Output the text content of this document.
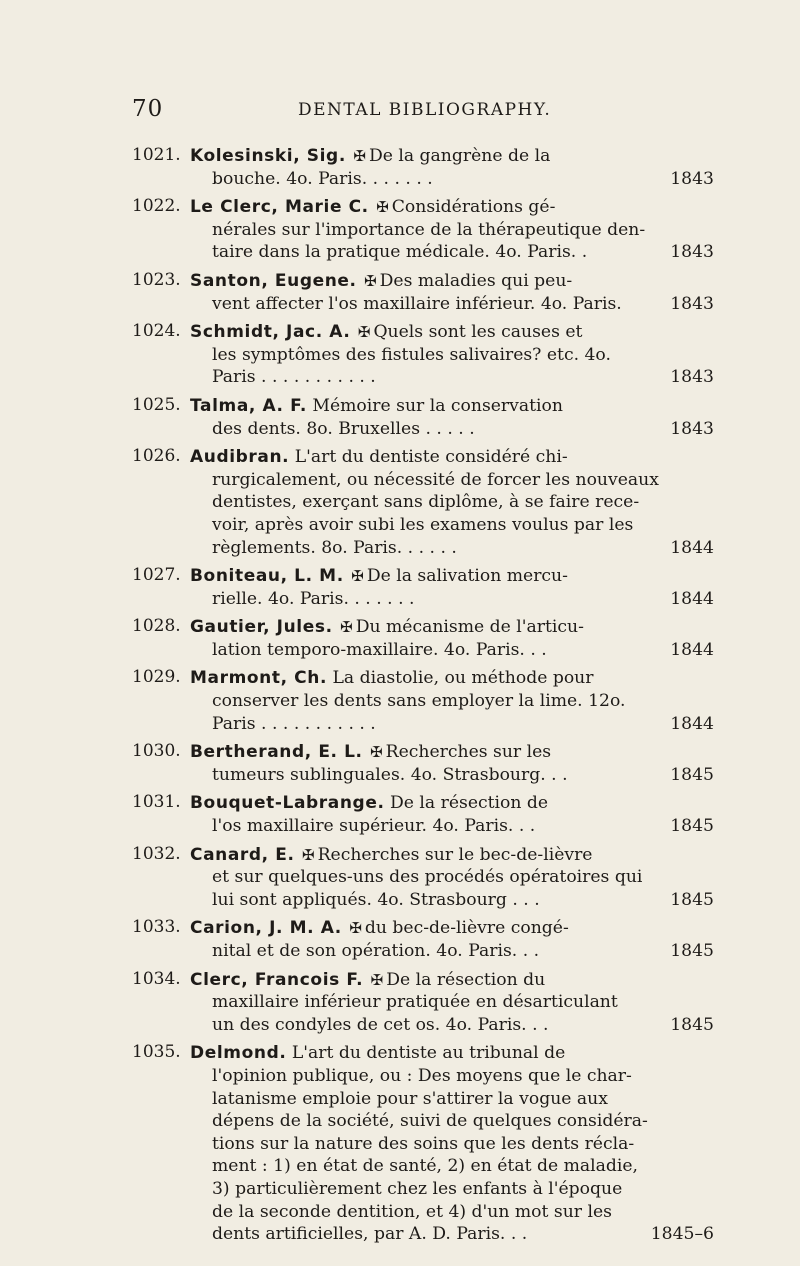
70	DENTAL BIBLIOGRAPHY.
1021. Kolesinski, Sig. ✠ De la gangrène de la
bouche. 4o. Paris. . . . . . .	1843
1022. Le Clerc, Marie C. ✠ Considérations gé-
nérales sur l'importance de la thérapeutique den-
taire dans la pratique médicale. 4o. Paris. .	1843
1023. Santon, Eugene. ✠ Des maladies qui peu-
vent affecter l'os maxillaire inférieur. 4o. Paris.	1843
1024. Schmidt, Jac. A. ✠ Quels sont les causes et
les symptômes des fistules salivaires? etc. 4o.
Paris . . . . . . . . . . .	1843
1025. Talma, A. F. Mémoire sur la conservation
des dents. 8o. Bruxelles . . . . .	1843
1026. Audibran. L'art du dentiste considéré chi-
rurgicalement, ou nécessité de forcer les nouveaux
dentistes, exerçant sans diplôme, à se faire rece-
voir, après avoir subi les examens voulus par les
règlements. 8o. Paris. . . . . .	1844
1027. Boniteau, L. M. ✠ De la salivation mercu-
rielle. 4o. Paris. . . . . . .	1844
1028. Gautier, Jules. ✠ Du mécanisme de l'articu-
lation temporo-maxillaire. 4o. Paris. . .	1844
1029. Marmont, Ch. La diastolie, ou méthode pour
conserver les dents sans employer la lime. 12o.
Paris . . . . . . . . . . .	1844
1030. Bertherand, E. L. ✠ Recherches sur les
tumeurs sublinguales. 4o. Strasbourg. . .	1845
1031. Bouquet-Labrange. De la résection de
l'os maxillaire supérieur. 4o. Paris. . .	1845
1032. Canard, E. ✠ Recherches sur le bec-de-lièvre
et sur quelques-uns des procédés opératoires qui
lui sont appliqués. 4o. Strasbourg . . .	1845
1033. Carion, J. M. A. ✠ du bec-de-lièvre congé-
nital et de son opération. 4o. Paris. . .	1845
1034. Clerc, Francois F. ✠ De la résection du
maxillaire inférieur pratiquée en désarticulant
un des condyles de cet os. 4o. Paris. . .	1845
1035. Delmond. L'art du dentiste au tribunal de
l'opinion publique, ou : Des moyens que le char-
latanisme emploie pour s'attirer la vogue aux
dépens de la société, suivi de quelques considéra-
tions sur la nature des soins que les dents récla-
ment : 1) en état de santé, 2) en état de maladie,
3) particulièrement chez les enfants à l'époque
de la seconde dentition, et 4) d'un mot sur les
dents artificielles, par A. D. Paris. . .	1845–6
